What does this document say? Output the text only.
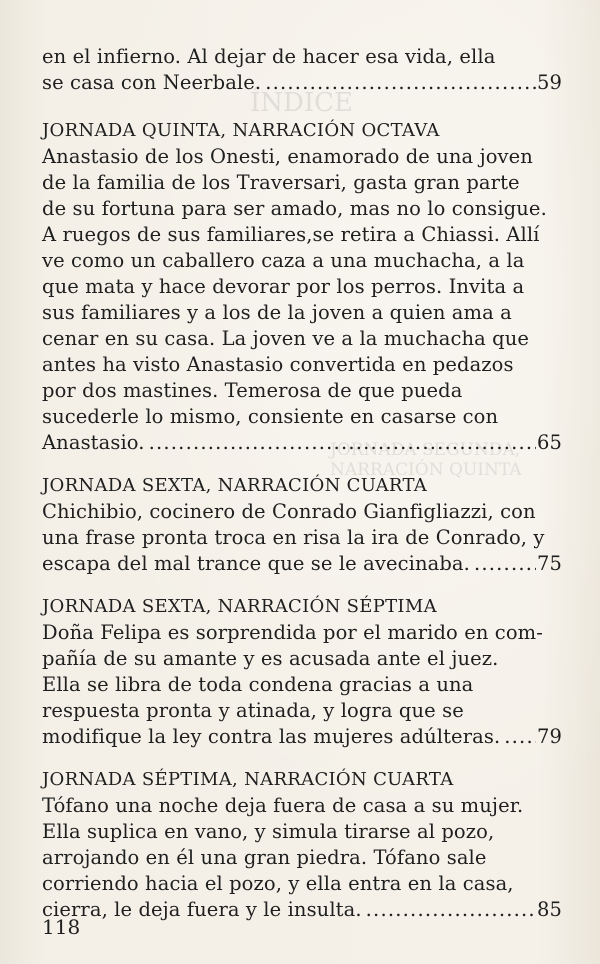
ÍNDICE
JORNADA SEGUNDA, NARRACIÓN QUINTA
en el infierno. Al dejar de hacer esa vida, ella
se casa con Neerbale. .....	59
JORNADA QUINTA, NARRACIÓN OCTAVA
Anastasio de los Onesti, enamorado de una joven
de la familia de los Traversari, gasta gran parte
de su fortuna para ser amado, mas no lo consigue.
A ruegos de sus familiares,se retira a Chiassi. Allí
ve como un caballero caza a una muchacha, a la
que mata y hace devorar por los perros. Invita a
sus familiares y a los de la joven a quien ama a
cenar en su casa. La joven ve a la muchacha que
antes ha visto Anastasio convertida en pedazos
por dos mastines. Temerosa de que pueda
sucederle lo mismo, consiente en casarse con
Anastasio. .....	65
JORNADA SEXTA, NARRACIÓN CUARTA
Chichibio, cocinero de Conrado Gianfigliazzi, con
una frase pronta troca en risa la ira de Conrado, y
escapa del mal trance que se le avecinaba. .....	75
JORNADA SEXTA, NARRACIÓN SÉPTIMA
Doña Felipa es sorprendida por el marido en com-
pañía de su amante y es acusada ante el juez.
Ella se libra de toda condena gracias a una
respuesta pronta y atinada, y logra que se
modifique la ley contra las mujeres adúlteras. ..... 79
JORNADA SÉPTIMA, NARRACIÓN CUARTA
Tófano una noche deja fuera de casa a su mujer.
Ella suplica en vano, y simula tirarse al pozo,
arrojando en él una gran piedra. Tófano sale
corriendo hacia el pozo, y ella entra en la casa,
cierra, le deja fuera y le insulta. .....	85
118
